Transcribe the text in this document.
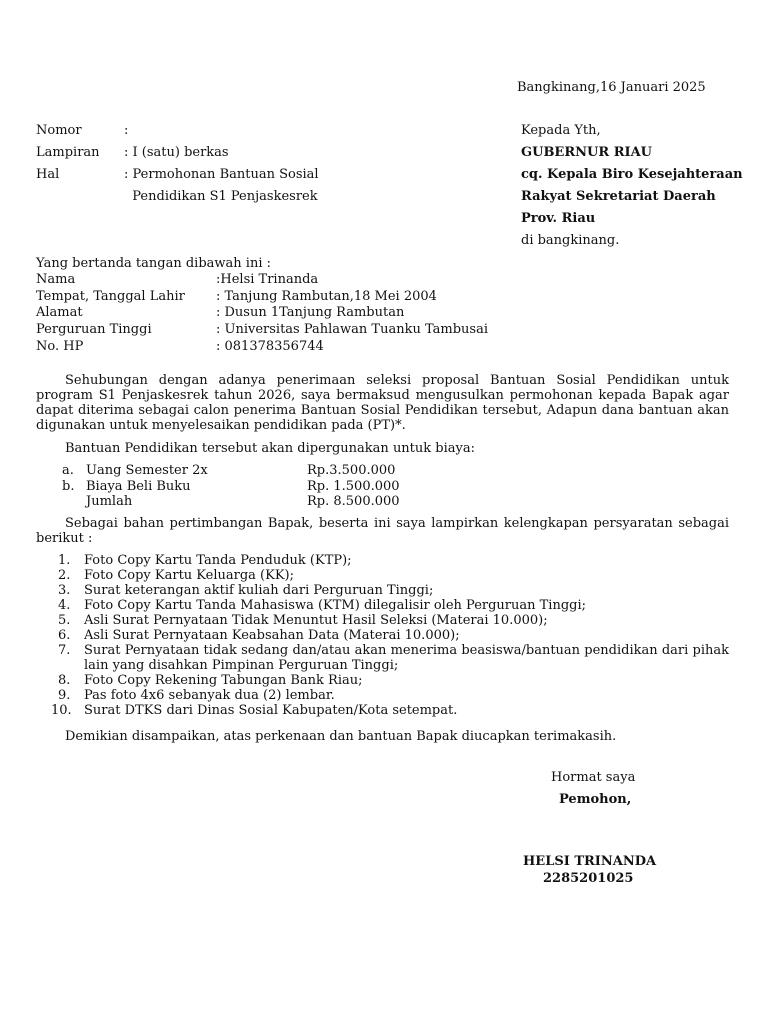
Bangkinang,16 Januari 2025
Nomor	:
Lampiran : I (satu) berkas
Hal	: Permohonan Bantuan Sosial
Pendidikan S1 Penjaskesrek
Kepada Yth,
GUBERNUR RIAU
cq. Kepala Biro Kesejahteraan
Rakyat Sekretariat Daerah
Prov. Riau
di bangkinang.
Yang bertanda tangan dibawah ini :
Nama	:Helsi Trinanda
Tempat, Tanggal Lahir : Tanjung Rambutan,18 Mei 2004
Alamat	: Dusun 1Tanjung Rambutan
Perguruan Tinggi	: Universitas Pahlawan Tuanku Tambusai
No. HP	: 081378356744
Sehubungan dengan adanya penerimaan seleksi proposal Bantuan Sosial Pendidikan untuk program S1 Penjaskesrek tahun 2026, saya bermaksud mengusulkan permohonan kepada Bapak agar dapat diterima sebagai calon penerima Bantuan Sosial Pendidikan tersebut, Adapun dana bantuan akan digunakan untuk menyelesaikan pendidikan pada (PT)*.
Bantuan Pendidikan tersebut akan dipergunakan untuk biaya:
a. Uang Semester 2x	Rp.3.500.000
b. Biaya Beli Buku	Rp. 1.500.000
Jumlah	Rp. 8.500.000
Sebagai bahan pertimbangan Bapak, beserta ini saya lampirkan kelengkapan persyaratan sebagai berikut :
1. Foto Copy Kartu Tanda Penduduk (KTP);
2. Foto Copy Kartu Keluarga (KK);
3. Surat keterangan aktif kuliah dari Perguruan Tinggi;
4. Foto Copy Kartu Tanda Mahasiswa (KTM) dilegalisir oleh Perguruan Tinggi;
5. Asli Surat Pernyataan Tidak Menuntut Hasil Seleksi (Materai 10.000);
6. Asli Surat Pernyataan Keabsahan Data (Materai 10.000);
7. Surat Pernyataan tidak sedang dan/atau akan menerima beasiswa/bantuan pendidikan dari pihak lain yang disahkan Pimpinan Perguruan Tinggi;
8. Foto Copy Rekening Tabungan Bank Riau;
9. Pas foto 4x6 sebanyak dua (2) lembar.
10. Surat DTKS dari Dinas Sosial Kabupaten/Kota setempat.
Demikian disampaikan, atas perkenaan dan bantuan Bapak diucapkan terimakasih.
Hormat saya
Pemohon,
HELSI TRINANDA
2285201025
